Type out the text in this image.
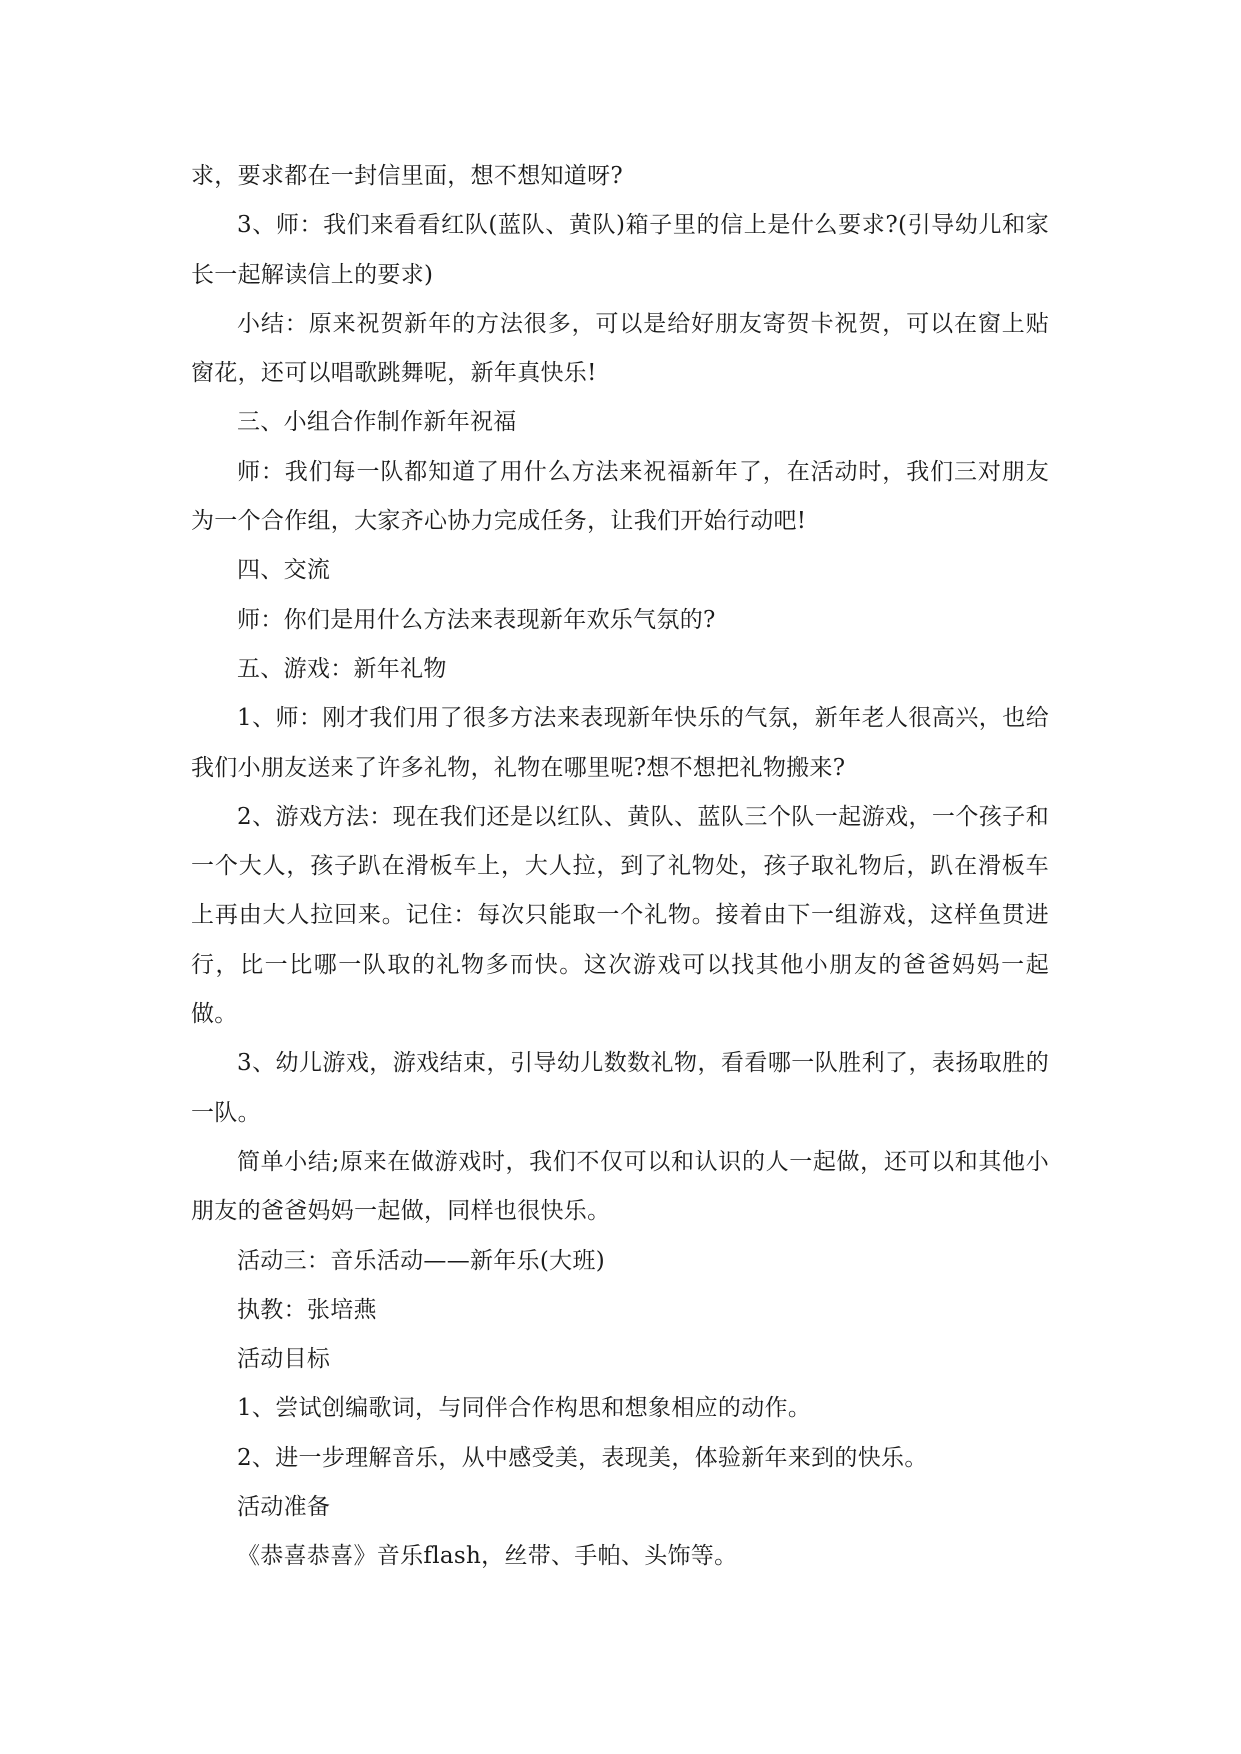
求，要求都在一封信里面，想不想知道呀?

3、师：我们来看看红队(蓝队、黄队)箱子里的信上是什么要求?(引导幼儿和家长一起解读信上的要求)

小结：原来祝贺新年的方法很多，可以是给好朋友寄贺卡祝贺，可以在窗上贴窗花，还可以唱歌跳舞呢，新年真快乐!

三、小组合作制作新年祝福

师：我们每一队都知道了用什么方法来祝福新年了，在活动时，我们三对朋友为一个合作组，大家齐心协力完成任务，让我们开始行动吧!

四、交流

师：你们是用什么方法来表现新年欢乐气氛的?

五、游戏：新年礼物

1、师：刚才我们用了很多方法来表现新年快乐的气氛，新年老人很高兴，也给我们小朋友送来了许多礼物，礼物在哪里呢?想不想把礼物搬来?

2、游戏方法：现在我们还是以红队、黄队、蓝队三个队一起游戏，一个孩子和一个大人，孩子趴在滑板车上，大人拉，到了礼物处，孩子取礼物后，趴在滑板车上再由大人拉回来。记住：每次只能取一个礼物。接着由下一组游戏，这样鱼贯进行，比一比哪一队取的礼物多而快。这次游戏可以找其他小朋友的爸爸妈妈一起做。

3、幼儿游戏，游戏结束，引导幼儿数数礼物，看看哪一队胜利了，表扬取胜的一队。

简单小结;原来在做游戏时，我们不仅可以和认识的人一起做，还可以和其他小朋友的爸爸妈妈一起做，同样也很快乐。

活动三：音乐活动——新年乐(大班)

执教：张培燕

活动目标

1、尝试创编歌词，与同伴合作构思和想象相应的动作。

2、进一步理解音乐，从中感受美，表现美，体验新年来到的快乐。

活动准备

《恭喜恭喜》音乐flash，丝带、手帕、头饰等。
